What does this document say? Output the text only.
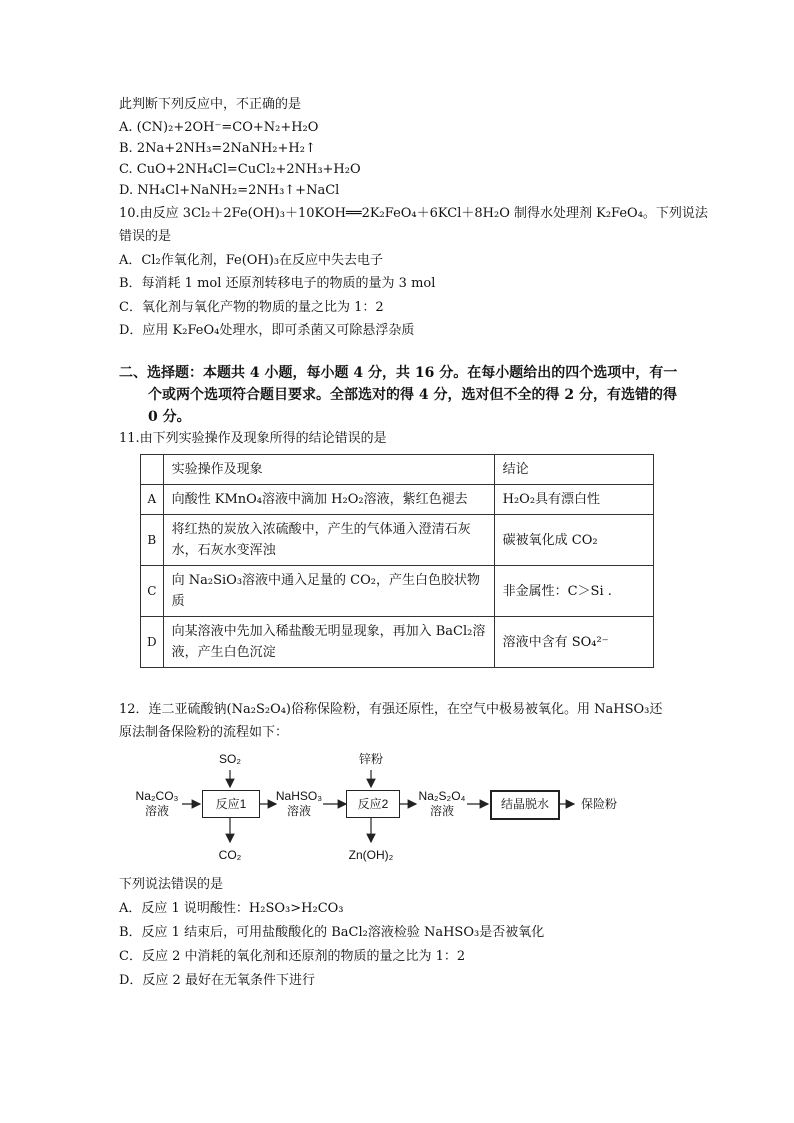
此判断下列反应中，不正确的是
A. (CN)₂+2OH⁻=CO+N₂+H₂O
B. 2Na+2NH₃=2NaNH₂+H₂↑
C. CuO+2NH₄Cl=CuCl₂+2NH₃+H₂O
D. NH₄Cl+NaNH₂=2NH₃↑+NaCl
10.由反应 3Cl₂＋2Fe(OH)₃＋10KOH══2K₂FeO₄＋6KCl＋8H₂O 制得水处理剂 K₂FeO₄。下列说法
错误的是
A．Cl₂作氧化剂，Fe(OH)₃在反应中失去电子
B．每消耗 1 mol 还原剂转移电子的物质的量为 3 mol
C．氧化剂与氧化产物的物质的量之比为 1：2
D．应用 K₂FeO₄处理水，即可杀菌又可除悬浮杂质
二、选择题：本题共 4 小题，每小题 4 分，共 16 分。在每小题给出的四个选项中，有一
个或两个选项符合题目要求。全部选对的得 4 分，选对但不全的得 2 分，有选错的得
0 分。
11.由下列实验操作及现象所得的结论错误的是
	实验操作及现象	结论
A	向酸性 KMnO₄溶液中滴加 H₂O₂溶液，紫红色褪去	H₂O₂具有漂白性
B	将红热的炭放入浓硫酸中，产生的气体通入澄清石灰水，石灰水变浑浊	碳被氧化成 CO₂
C	向 Na₂SiO₃溶液中通入足量的 CO₂，产生白色胶状物质	非金属性：C＞Si .
D	向某溶液中先加入稀盐酸无明显现象，再加入 BaCl₂溶液，产生白色沉淀	溶液中含有 SO₄²⁻
12．连二亚硫酸钠(Na₂S₂O₄)俗称保险粉，有强还原性，在空气中极易被氧化。用 NaHSO₃还
原法制备保险粉的流程如下：
Na₂CO₃
溶液
SO₂
反应1
CO₂
NaHSO₃
溶液
锌粉
反应2
Zn(OH)₂
Na₂S₂O₄
溶液	结晶脱水	保险粉
下列说法错误的是
A．反应 1 说明酸性：H₂SO₃>H₂CO₃
B．反应 1 结束后，可用盐酸酸化的 BaCl₂溶液检验 NaHSO₃是否被氧化
C．反应 2 中消耗的氧化剂和还原剂的物质的量之比为 1：2
D．反应 2 最好在无氧条件下进行
